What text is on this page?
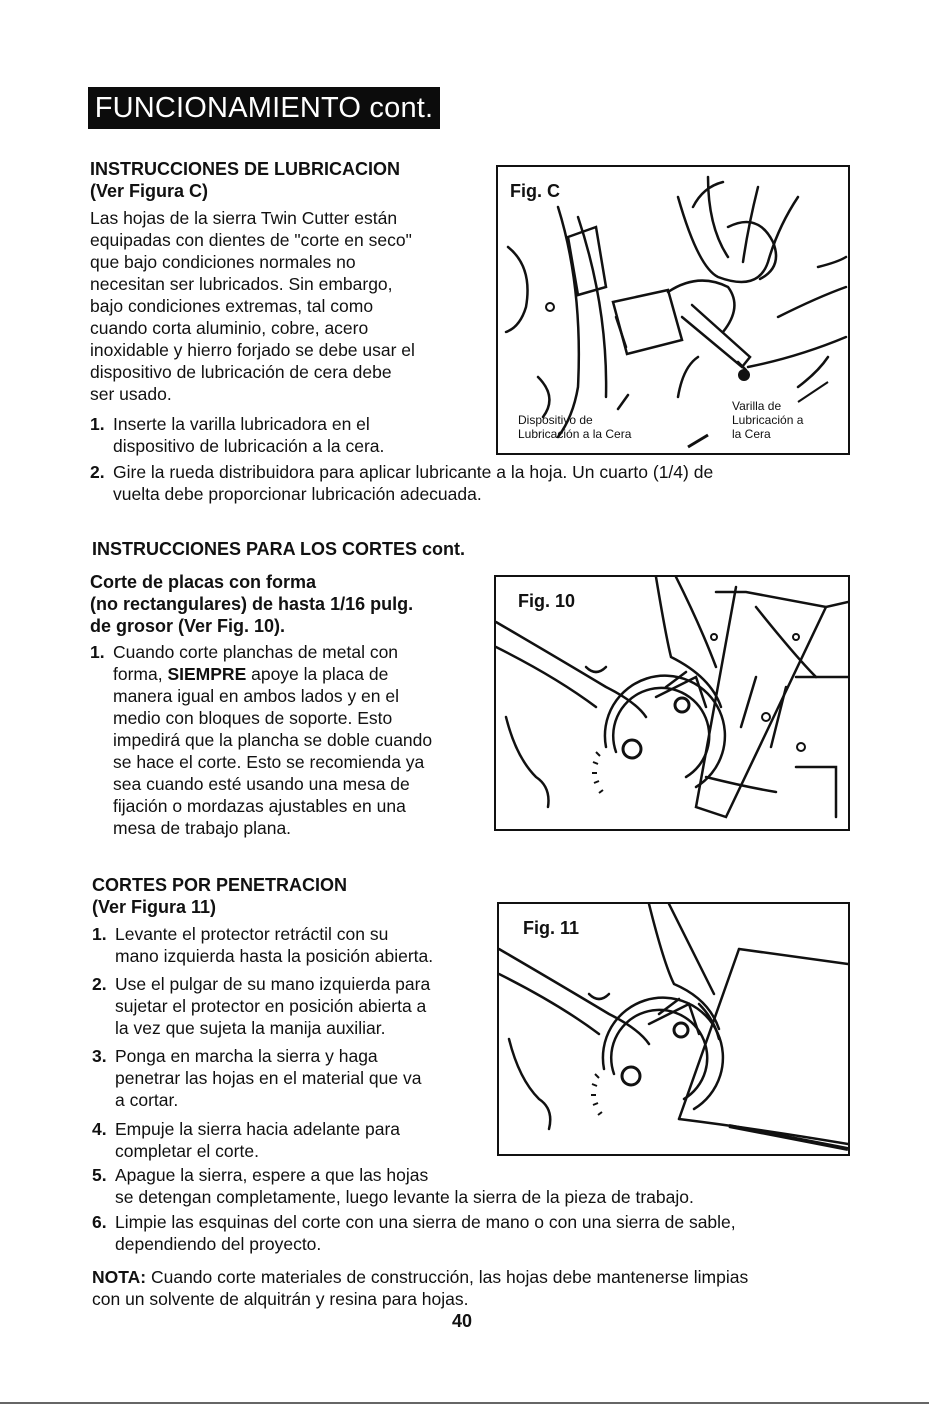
FUNCIONAMIENTO cont.
INSTRUCCIONES DE LUBRICACION
(Ver Figura C)
Las hojas de la sierra Twin Cutter están
equipadas con dientes de "corte en seco"
que bajo condiciones normales no
necesitan ser lubricados. Sin embargo,
bajo condiciones extremas, tal como
cuando corta aluminio, cobre, acero
inoxidable y hierro forjado se debe usar el
dispositivo de lubricación de cera debe
ser usado.
1. Inserte la varilla lubricadora en el
dispositivo de lubricación a la cera.
2. Gire la rueda distribuidora para aplicar lubricante a la hoja. Un cuarto (1/4) de
vuelta debe proporcionar lubricación adecuada.
Fig. C
Dispositivo de
Lubricación a la Cera
Varilla de
Lubricación a
la Cera
INSTRUCCIONES PARA LOS CORTES cont.
Corte de placas con forma
(no rectangulares) de hasta 1/16 pulg.
de grosor (Ver Fig. 10).
1. Cuando corte planchas de metal con
forma, SIEMPRE apoye la placa de
manera igual en ambos lados y en el
medio con bloques de soporte. Esto
impedirá que la plancha se doble cuando
se hace el corte. Esto se recomienda ya
sea cuando esté usando una mesa de
fijación o mordazas ajustables en una
mesa de trabajo plana.
Fig. 10
CORTES POR PENETRACION
(Ver Figura 11)
1. Levante el protector retráctil con su
mano izquierda hasta la posición abierta.
2. Use el pulgar de su mano izquierda para
sujetar el protector en posición abierta a
la vez que sujeta la manija auxiliar.
3. Ponga en marcha la sierra y haga
penetrar las hojas en el material que va
a cortar.
4. Empuje la sierra hacia adelante para
completar el corte.
5. Apague la sierra, espere a que las hojas
se detengan completamente, luego levante la sierra de la pieza de trabajo.
6. Limpie las esquinas del corte con una sierra de mano o con una sierra de sable,
dependiendo del proyecto.
Fig. 11
NOTA: Cuando corte materiales de construcción, las hojas debe mantenerse limpias
con un solvente de alquitrán y resina para hojas.
40
